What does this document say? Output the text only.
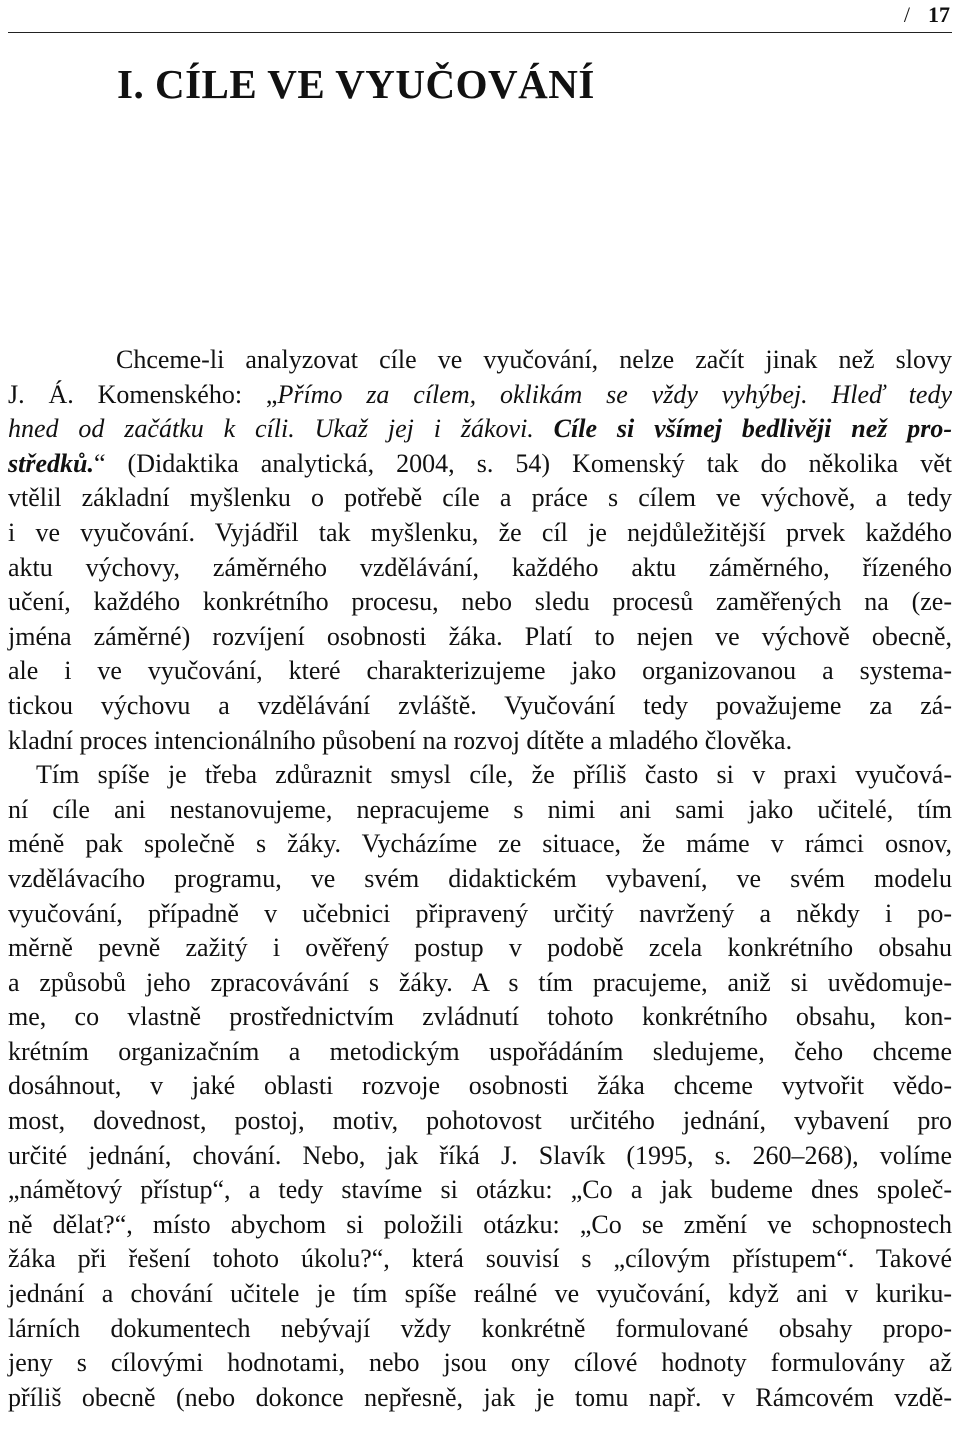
/ 17
I. CÍLE VE VYUČOVÁNÍ
Chceme-li analyzovat cíle ve vyučování, nelze začít jinak než slovy
J. Á. Komenského: „Přímo za cílem, oklikám se vždy vyhýbej. Hleď tedy
hned od začátku k cíli. Ukaž jej i žákovi. Cíle si všímej bedlivěji než pro-
středků.“ (Didaktika analytická, 2004, s. 54) Komenský tak do několika vět
vtělil základní myšlenku o potřebě cíle a práce s cílem ve výchově, a tedy
i ve vyučování. Vyjádřil tak myšlenku, že cíl je nejdůležitější prvek každého
aktu výchovy, záměrného vzdělávání, každého aktu záměrného, řízeného
učení, každého konkrétního procesu, nebo sledu procesů zaměřených na (ze-
jména záměrné) rozvíjení osobnosti žáka. Platí to nejen ve výchově obecně,
ale i ve vyučování, které charakterizujeme jako organizovanou a systema-
tickou výchovu a vzdělávání zvláště. Vyučování tedy považujeme za zá-
kladní proces intencionálního působení na rozvoj dítěte a mladého člověka.
Tím spíše je třeba zdůraznit smysl cíle, že příliš často si v praxi vyučová-
ní cíle ani nestanovujeme, nepracujeme s nimi ani sami jako učitelé, tím
méně pak společně s žáky. Vycházíme ze situace, že máme v rámci osnov,
vzdělávacího programu, ve svém didaktickém vybavení, ve svém modelu
vyučování, případně v učebnici připravený určitý navržený a někdy i po-
měrně pevně zažitý i ověřený postup v podobě zcela konkrétního obsahu
a způsobů jeho zpracovávání s žáky. A s tím pracujeme, aniž si uvědomuje-
me, co vlastně prostřednictvím zvládnutí tohoto konkrétního obsahu, kon-
krétním organizačním a metodickým uspořádáním sledujeme, čeho chceme
dosáhnout, v jaké oblasti rozvoje osobnosti žáka chceme vytvořit vědo-
most, dovednost, postoj, motiv, pohotovost určitého jednání, vybavení pro
určité jednání, chování. Nebo, jak říká J. Slavík (1995, s. 260–268), volíme
„námětový přístup“, a tedy stavíme si otázku: „Co a jak budeme dnes společ-
ně dělat?“, místo abychom si položili otázku: „Co se změní ve schopnostech
žáka při řešení tohoto úkolu?“, která souvisí s „cílovým přístupem“. Takové
jednání a chování učitele je tím spíše reálné ve vyučování, když ani v kuriku-
lárních dokumentech nebývají vždy konkrétně formulované obsahy propo-
jeny s cílovými hodnotami, nebo jsou ony cílové hodnoty formulovány až
příliš obecně (nebo dokonce nepřesně, jak je tomu např. v Rámcovém vzdě-
